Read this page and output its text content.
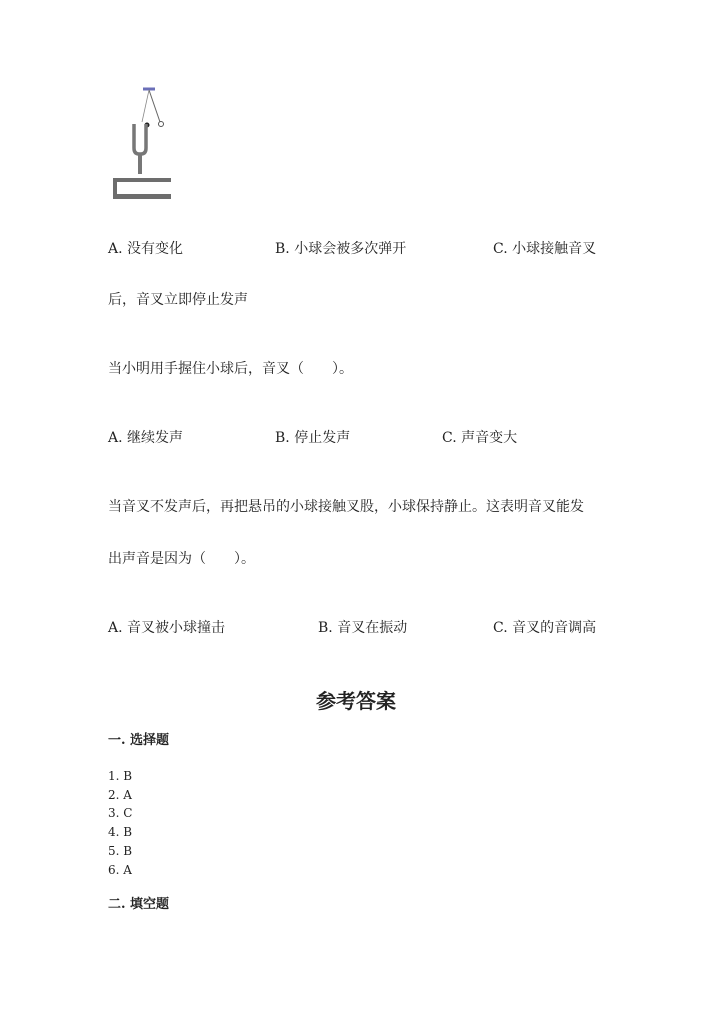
A. 没有变化	B. 小球会被多次弹开	C. 小球接触音叉
后，音叉立即停止发声
当小明用手握住小球后，音叉（　　）。
A. 继续发声	B. 停止发声	C. 声音变大
当音叉不发声后，再把悬吊的小球接触叉股，小球保持静止。这表明音叉能发
出声音是因为（　　）。
A. 音叉被小球撞击	B. 音叉在振动	C. 音叉的音调高
参考答案
一. 选择题
1. B
2. A
3. C
4. B
5. B
6. A
二. 填空题
